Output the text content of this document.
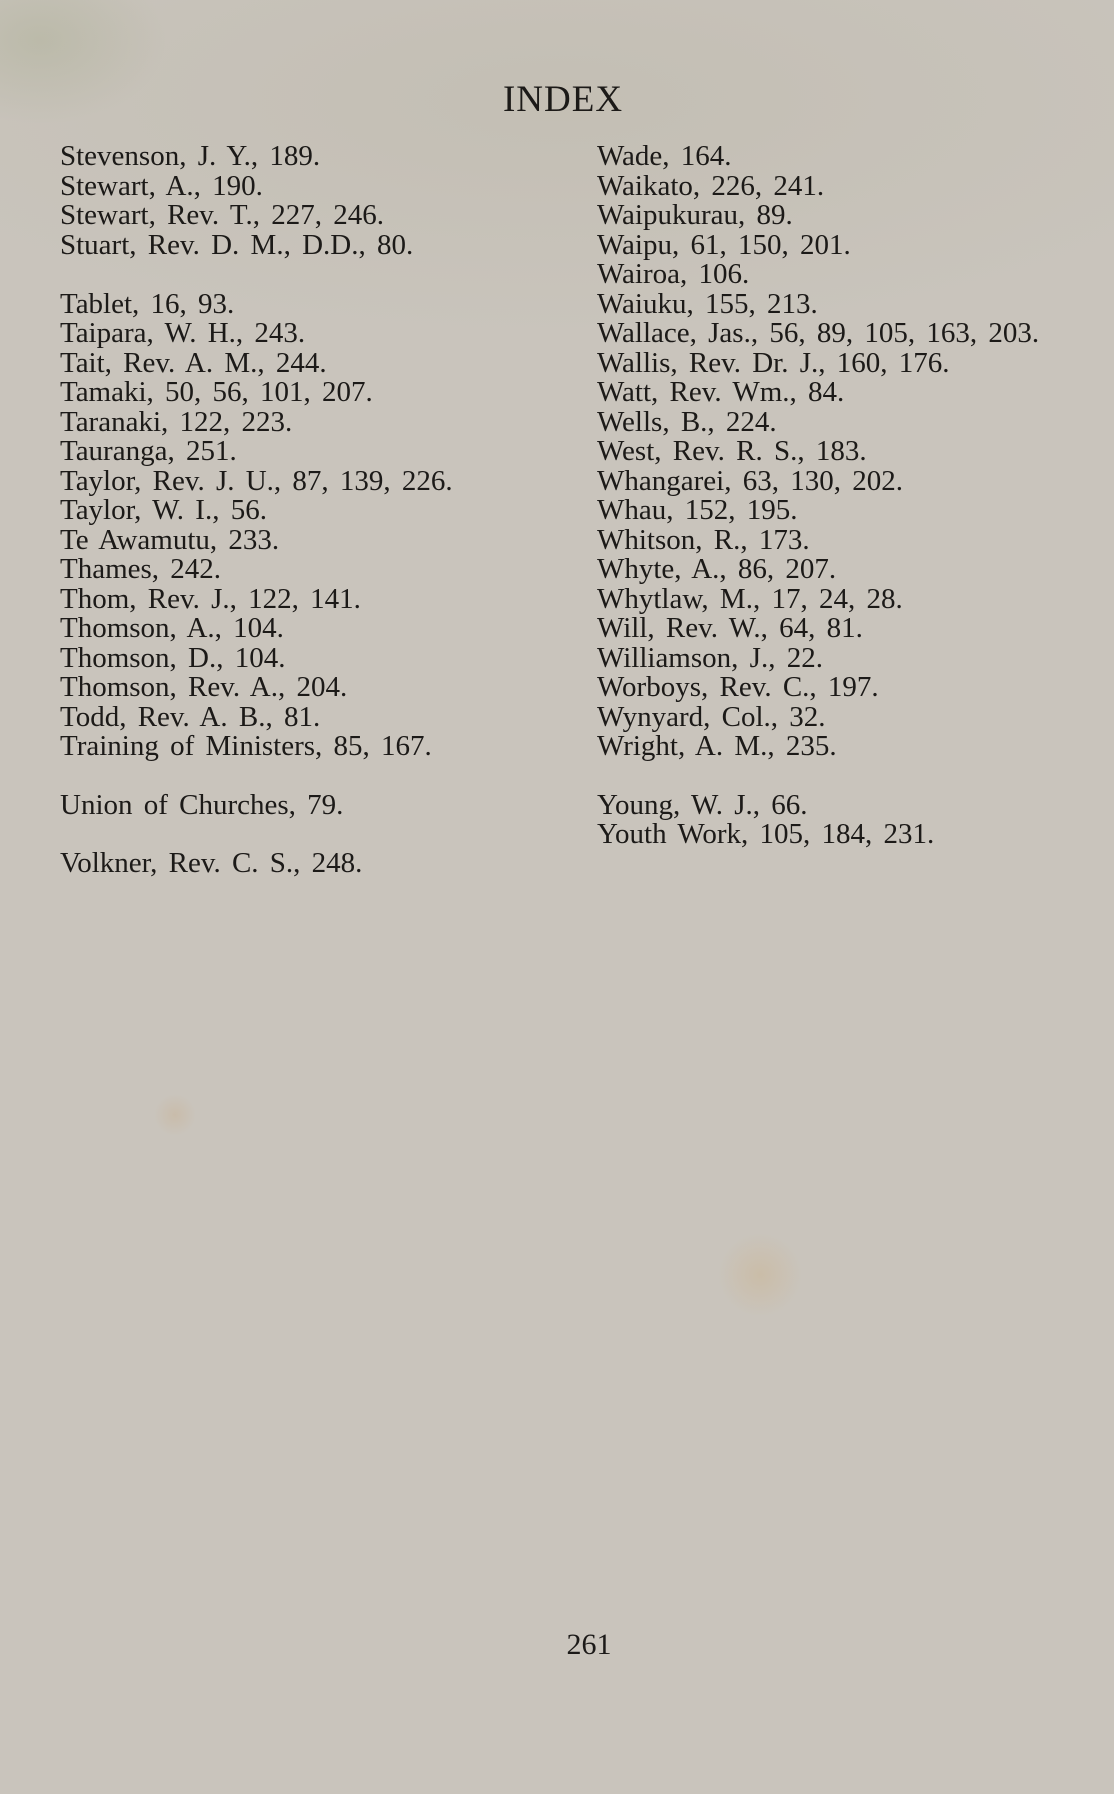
INDEX
Stevenson, J. Y., 189.
Stewart, A., 190.
Stewart, Rev. T., 227, 246.
Stuart, Rev. D. M., D.D., 80.
Tablet, 16, 93.
Taipara, W. H., 243.
Tait, Rev. A. M., 244.
Tamaki, 50, 56, 101, 207.
Taranaki, 122, 223.
Tauranga, 251.
Taylor, Rev. J. U., 87, 139, 226.
Taylor, W. I., 56.
Te Awamutu, 233.
Thames, 242.
Thom, Rev. J., 122, 141.
Thomson, A., 104.
Thomson, D., 104.
Thomson, Rev. A., 204.
Todd, Rev. A. B., 81.
Training of Ministers, 85, 167.
Union of Churches, 79.
Volkner, Rev. C. S., 248.
Wade, 164.
Waikato, 226, 241.
Waipukurau, 89.
Waipu, 61, 150, 201.
Wairoa, 106.
Waiuku, 155, 213.
Wallace, Jas., 56, 89, 105, 163, 203.
Wallis, Rev. Dr. J., 160, 176.
Watt, Rev. Wm., 84.
Wells, B., 224.
West, Rev. R. S., 183.
Whangarei, 63, 130, 202.
Whau, 152, 195.
Whitson, R., 173.
Whyte, A., 86, 207.
Whytlaw, M., 17, 24, 28.
Will, Rev. W., 64, 81.
Williamson, J., 22.
Worboys, Rev. C., 197.
Wynyard, Col., 32.
Wright, A. M., 235.
Young, W. J., 66.
Youth Work, 105, 184, 231.
261
